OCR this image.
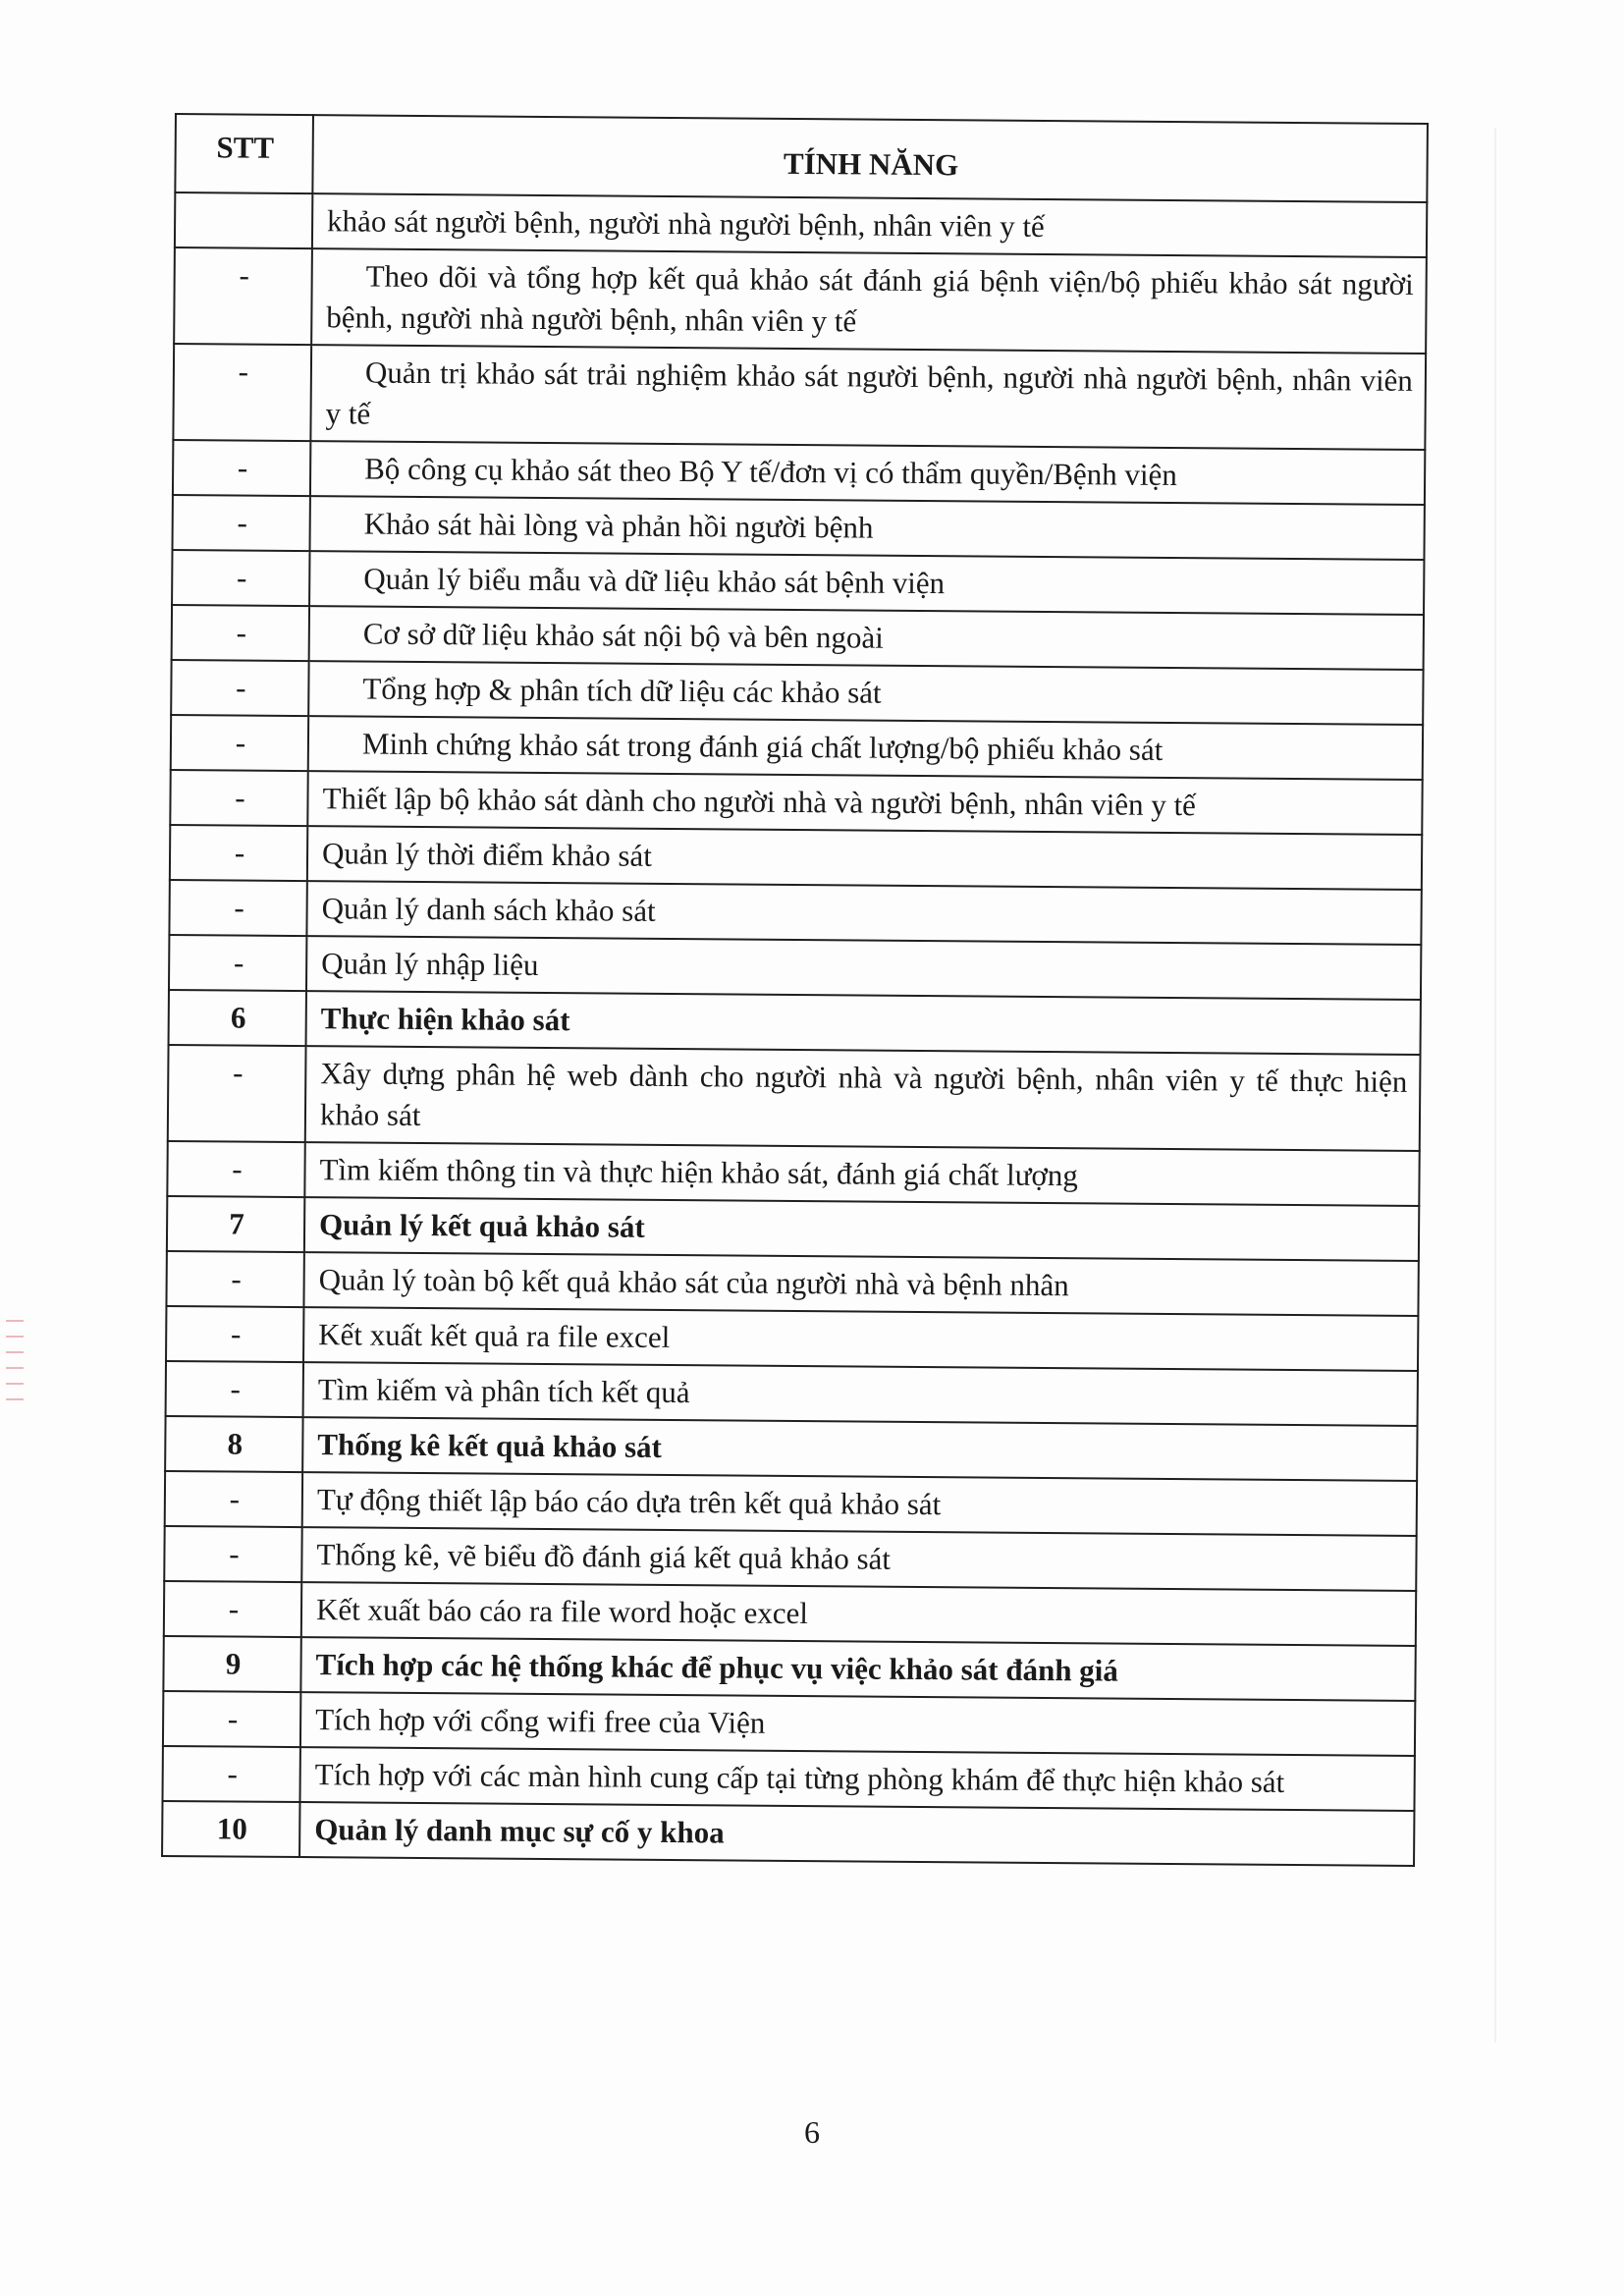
STT	TÍNH NĂNG
	khảo sát người bệnh, người nhà người bệnh, nhân viên y tế
-	Theo dõi và tổng hợp kết quả khảo sát đánh giá bệnh viện/bộ phiếu khảo sát người bệnh, người nhà người bệnh, nhân viên y tế
-	Quản trị khảo sát trải nghiệm khảo sát người bệnh, người nhà người bệnh, nhân viên y tế
-	Bộ công cụ khảo sát theo Bộ Y tế/đơn vị có thẩm quyền/Bệnh viện
-	Khảo sát hài lòng và phản hồi người bệnh
-	Quản lý biểu mẫu và dữ liệu khảo sát bệnh viện
-	Cơ sở dữ liệu khảo sát nội bộ và bên ngoài
-	Tổng hợp & phân tích dữ liệu các khảo sát
-	Minh chứng khảo sát trong đánh giá chất lượng/bộ phiếu khảo sát
-	Thiết lập bộ khảo sát dành cho người nhà và người bệnh, nhân viên y tế
-	Quản lý thời điểm khảo sát
-	Quản lý danh sách khảo sát
-	Quản lý nhập liệu
6	Thực hiện khảo sát
-	Xây dựng phân hệ web dành cho người nhà và người bệnh, nhân viên y tế thực hiện khảo sát
-	Tìm kiếm thông tin và thực hiện khảo sát, đánh giá chất lượng
7	Quản lý kết quả khảo sát
-	Quản lý toàn bộ kết quả khảo sát của người nhà và bệnh nhân
-	Kết xuất kết quả ra file excel
-	Tìm kiếm và phân tích kết quả
8	Thống kê kết quả khảo sát
-	Tự động thiết lập báo cáo dựa trên kết quả khảo sát
-	Thống kê, vẽ biểu đồ đánh giá kết quả khảo sát
-	Kết xuất báo cáo ra file word hoặc excel
9	Tích hợp các hệ thống khác để phục vụ việc khảo sát đánh giá
-	Tích hợp với cổng wifi free của Viện
-	Tích hợp với các màn hình cung cấp tại từng phòng khám để thực hiện khảo sát
10	Quản lý danh mục sự cố y khoa
6
